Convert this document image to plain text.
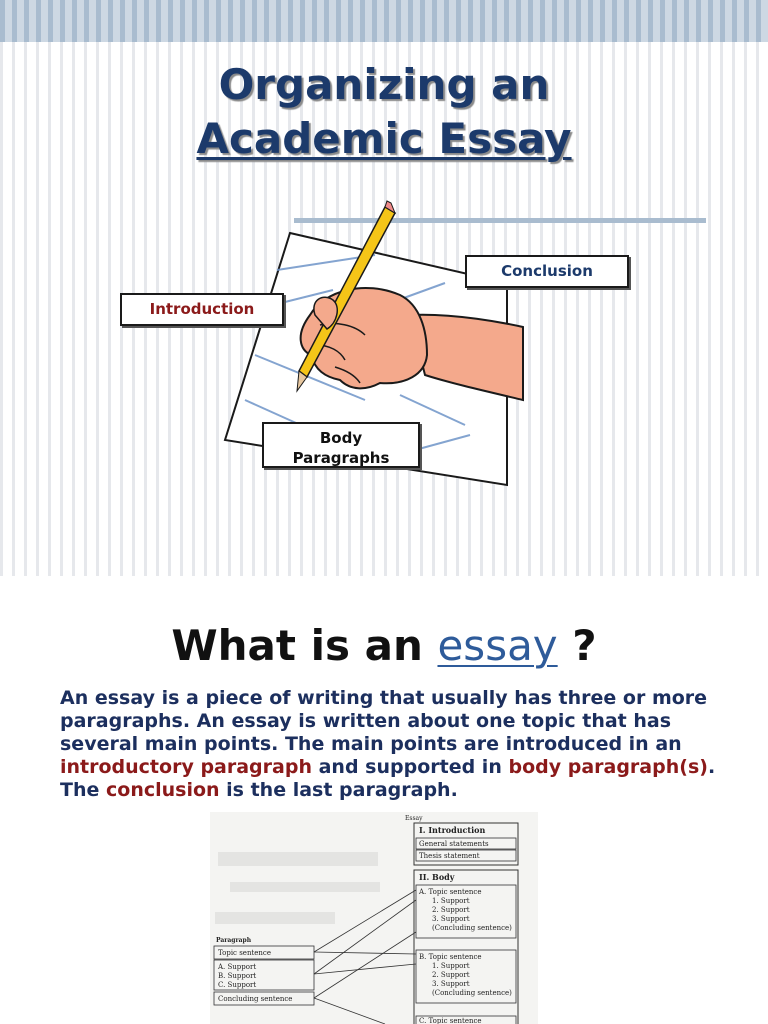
Organizing an
Academic Essay
Introduction
Conclusion
Body
Paragraphs
What is an essay ?

An essay is a piece of writing that usually has three or more paragraphs. An essay is written about one topic that has several main points. The main points are introduced in an introductory paragraph and supported in body paragraph(s). The conclusion is the last paragraph.

Essay
I. Introduction
General statements
Thesis statement
II. Body
A. Topic sentence
1. Support
2. Support
3. Support
(Concluding sentence)
B. Topic sentence
1. Support
2. Support
3. Support
(Concluding sentence)
C. Topic sentence
Paragraph
Topic sentence
A. Support
B. Support
C. Support
Concluding sentence
